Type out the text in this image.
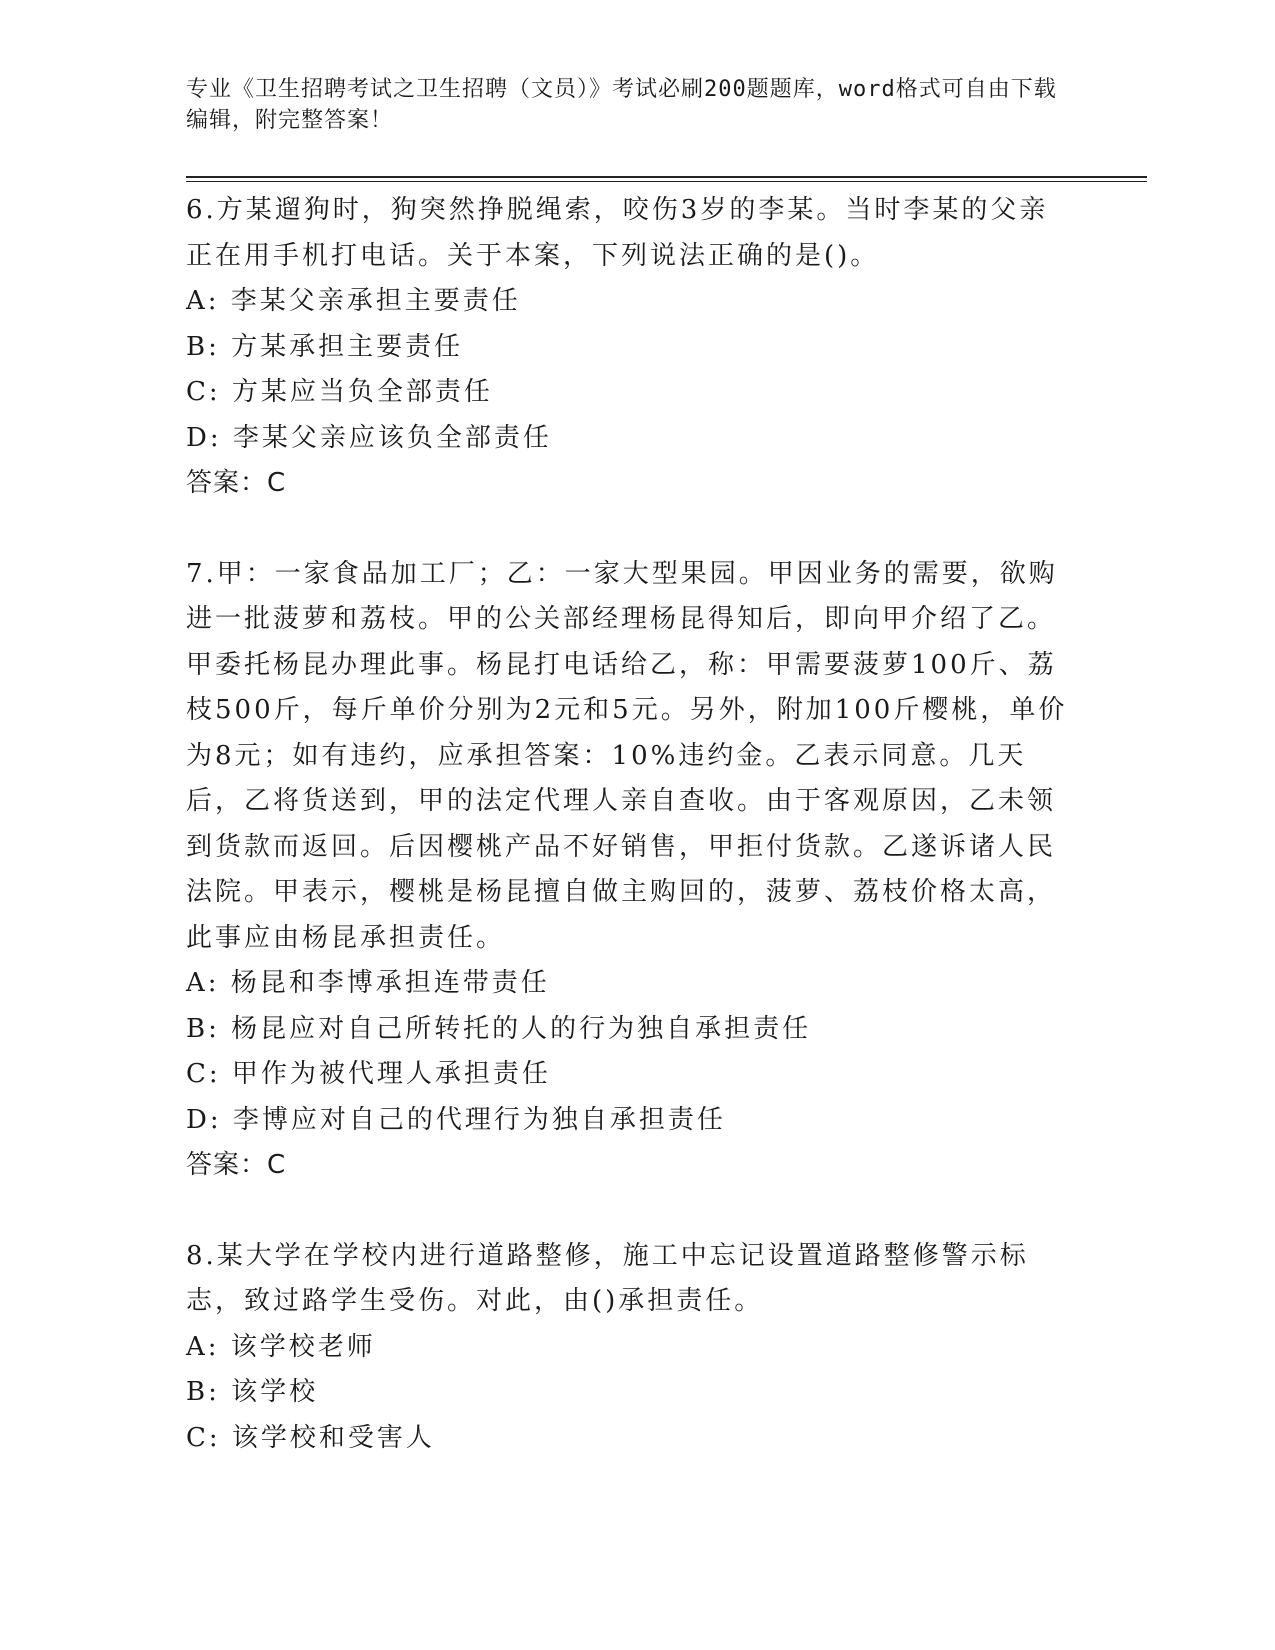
专业《卫生招聘考试之卫生招聘（文员）》考试必刷200题题库，word格式可自由下载编辑，附完整答案！

6.方某遛狗时，狗突然挣脱绳索，咬伤3岁的李某。当时李某的父亲正在用手机打电话。关于本案，下列说法正确的是()。

A: 李某父亲承担主要责任

B: 方某承担主要责任

C: 方某应当负全部责任

D: 李某父亲应该负全部责任

答案：C

7.甲：一家食品加工厂；乙：一家大型果园。甲因业务的需要，欲购进一批菠萝和荔枝。甲的公关部经理杨昆得知后，即向甲介绍了乙。甲委托杨昆办理此事。杨昆打电话给乙，称：甲需要菠萝100斤、荔枝500斤，每斤单价分别为2元和5元。另外，附加100斤樱桃，单价为8元；如有违约，应承担答案：10%违约金。乙表示同意。几天后，乙将货送到，甲的法定代理人亲自查收。由于客观原因，乙未领到货款而返回。后因樱桃产品不好销售，甲拒付货款。乙遂诉诸人民法院。甲表示，樱桃是杨昆擅自做主购回的，菠萝、荔枝价格太高，此事应由杨昆承担责任。

A: 杨昆和李博承担连带责任

B: 杨昆应对自己所转托的人的行为独自承担责任

C: 甲作为被代理人承担责任

D: 李博应对自己的代理行为独自承担责任

答案：C

8.某大学在学校内进行道路整修，施工中忘记设置道路整修警示标志，致过路学生受伤。对此，由()承担责任。

A: 该学校老师

B: 该学校

C: 该学校和受害人
